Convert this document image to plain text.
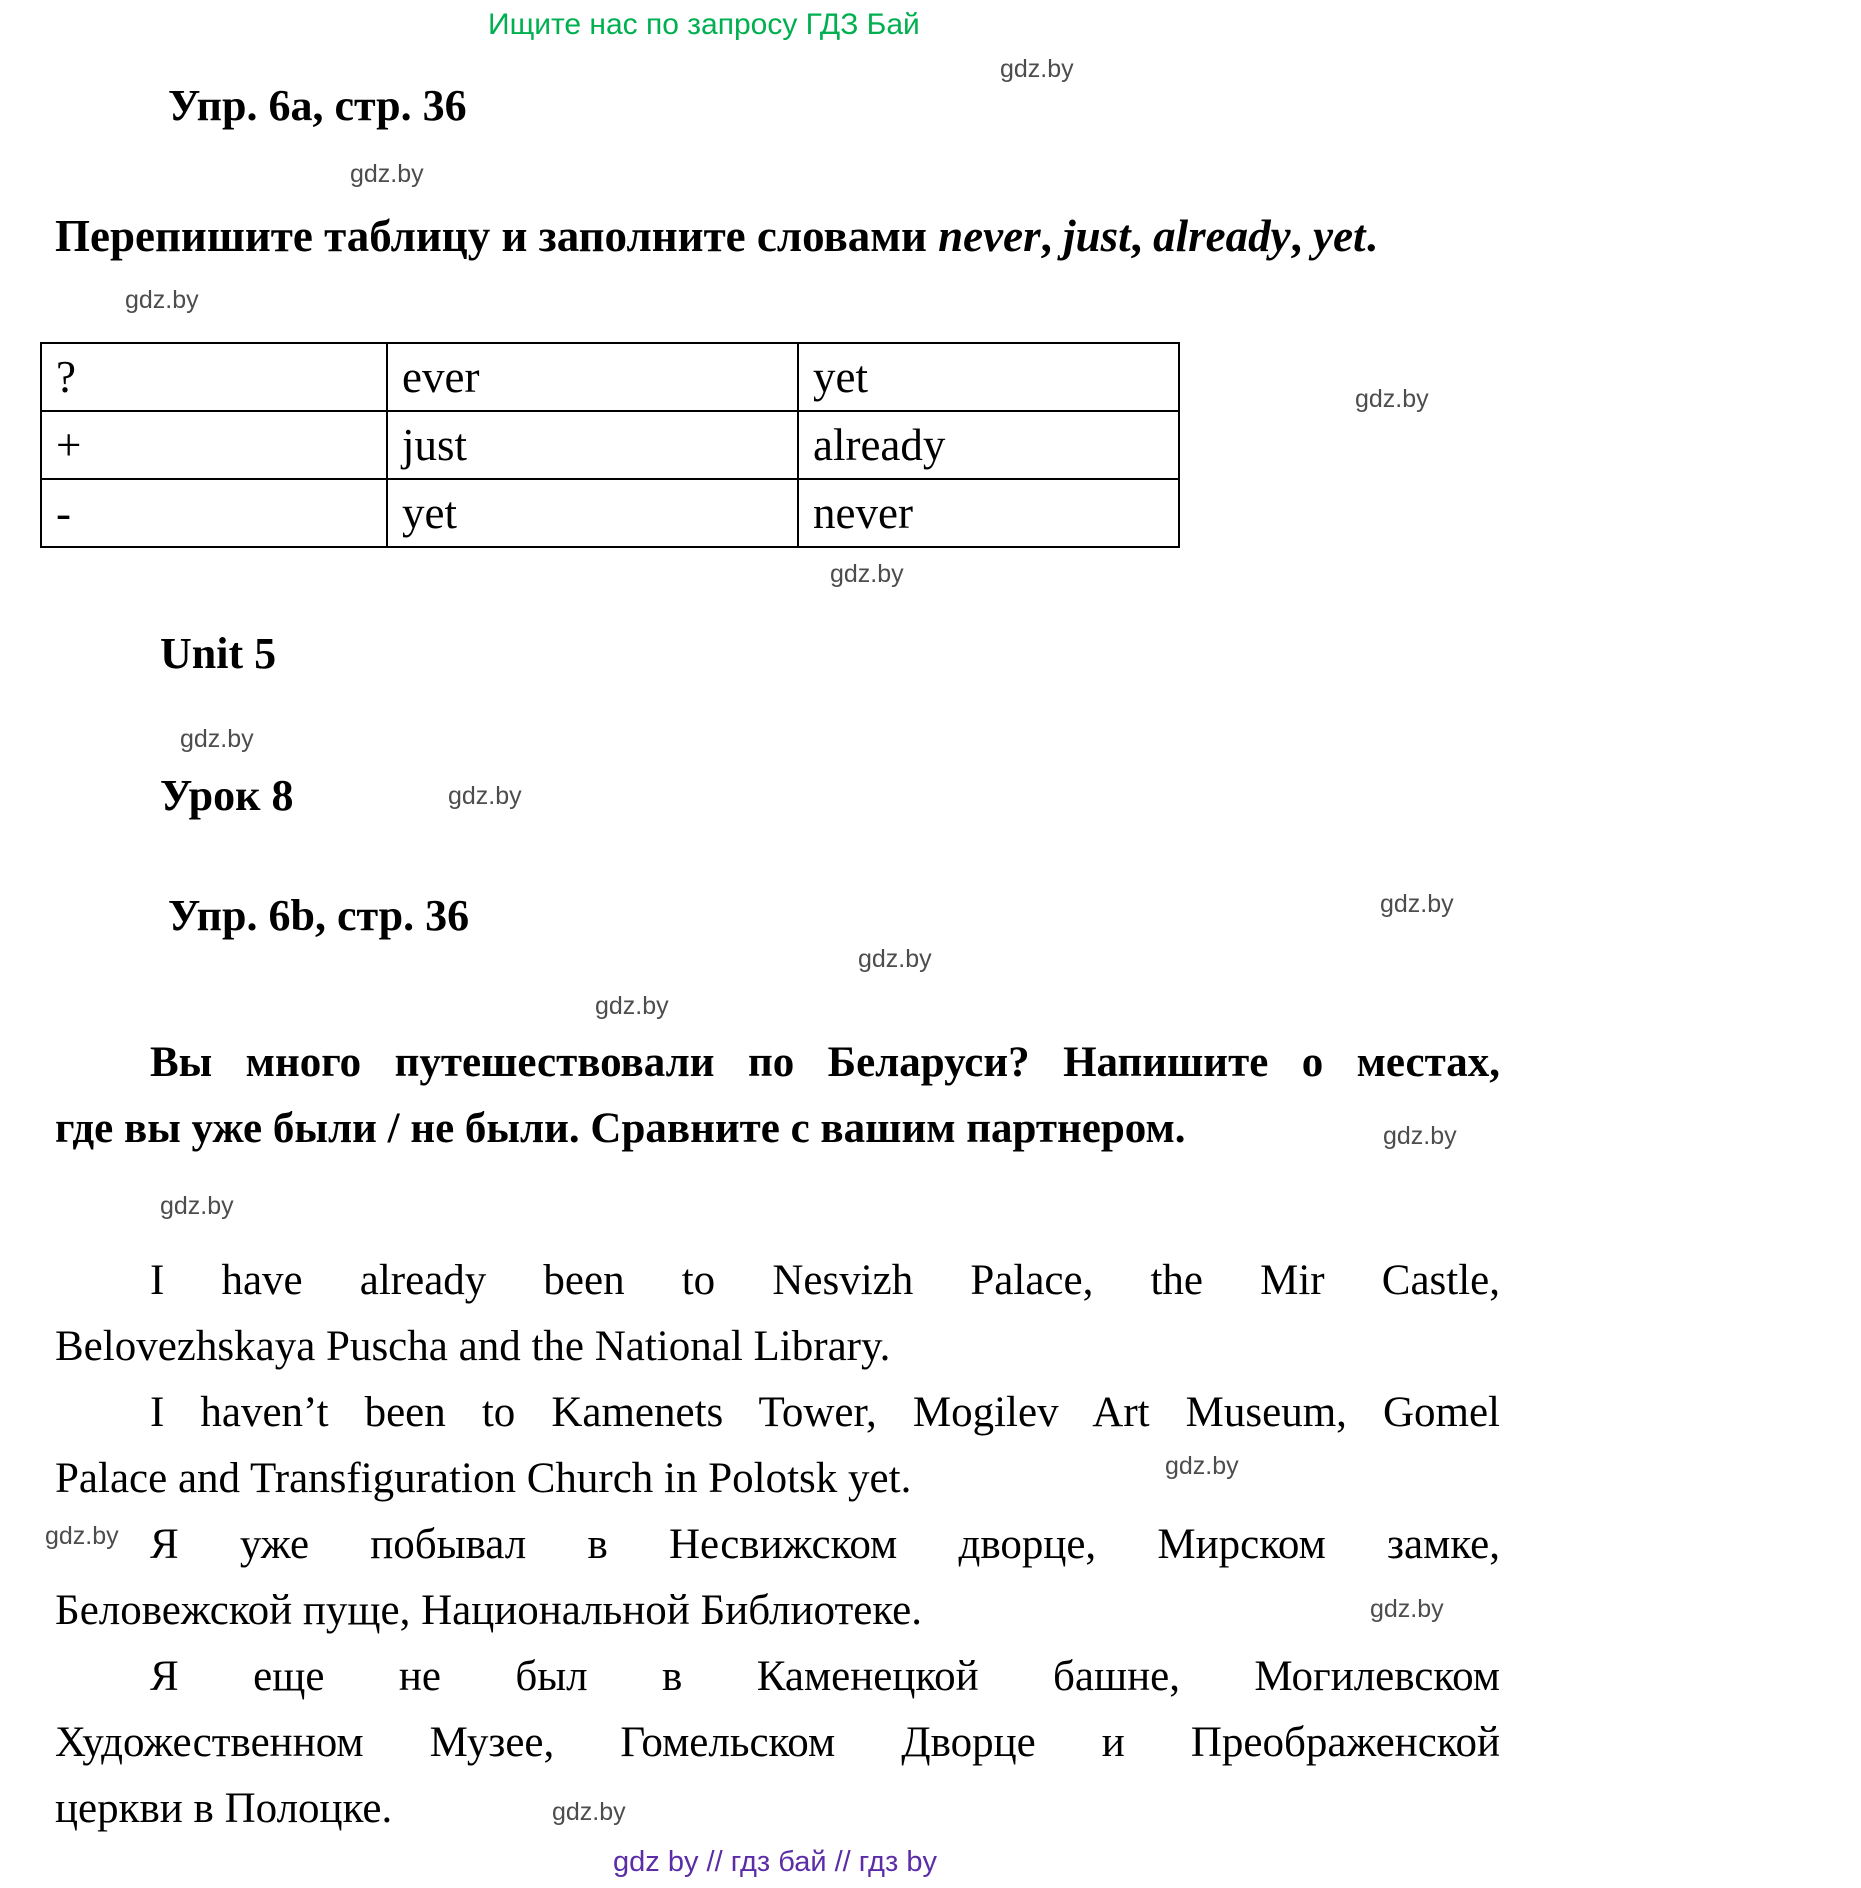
Ищите нас по запросу ГДЗ Бай
Упр. 6а, стр. 36
Перепишите таблицу и заполните словами never, just, already, yet.
?	ever	yet
+	just	already
-	yet	never
Unit 5
Урок 8
Упр. 6b, стр. 36
Вы много путешествовали по Беларуси? Напишите о местах,
где вы уже были / не были. Сравните с вашим партнером.
I have already been to Nesvizh Palace, the Mir Castle,
Belovezhskaya Puscha and the National Library.
I haven’t been to Kamenets Tower, Mogilev Art Museum, Gomel
Palace and Transfiguration Church in Polotsk yet.
Я уже побывал в Несвижском дворце, Мирском замке,
Беловежской пуще, Национальной Библиотеке.
Я еще не был в Каменецкой башне, Могилевском
Художественном Музее, Гомельском Дворце и Преображенской
церкви в Полоцке.
gdz.by
gdz.by
gdz.by
gdz.by
gdz.by
gdz.by
gdz.by
gdz.by
gdz.by
gdz.by
gdz.by
gdz.by
gdz.by
gdz.by
gdz.by
gdz.by
gdz by // гдз бай // гдз by
